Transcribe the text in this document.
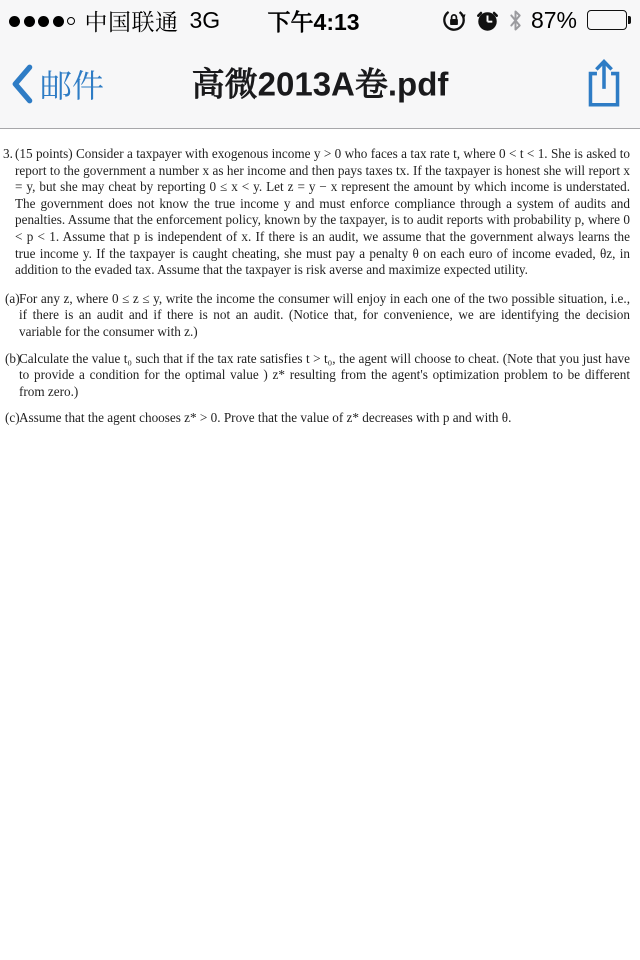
中国联通 3G 下午4:13	87%
邮件	高微2013A卷.pdf
3. (15 points) Consider a taxpayer with exogenous income y > 0 who faces a tax rate t, where 0 < t < 1. She is asked to report to the government a number x as her income and then pays taxes tx. If the taxpayer is honest she will report x = y, but she may cheat by reporting 0 ≤ x < y. Let z = y − x represent the amount by which income is understated. The government does not know the true income y and must enforce compliance through a system of audits and penalties. Assume that the enforcement policy, known by the taxpayer, is to audit reports with probability p, where 0 < p < 1. Assume that p is independent of x. If there is an audit, we assume that the government always learns the true income y. If the taxpayer is caught cheating, she must pay a penalty θ on each euro of income evaded, θz, in addition to the evaded tax. Assume that the taxpayer is risk averse and maximize expected utility.

(a) For any z, where 0 ≤ z ≤ y, write the income the consumer will enjoy in each one of the two possible situation, i.e., if there is an audit and if there is not an audit. (Notice that, for convenience, we are identifying the decision variable for the consumer with z.)

(b)

Calculate the value t₀ such that if the tax rate satisfies t > t₀, the agent will choose to cheat. (Note that you just have to provide a condition for the optimal value ) z* resulting from the agent's optimization problem to be different from zero.)

(c) Assume that the agent chooses z* > 0. Prove that the value of z* decreases with p and with θ.
